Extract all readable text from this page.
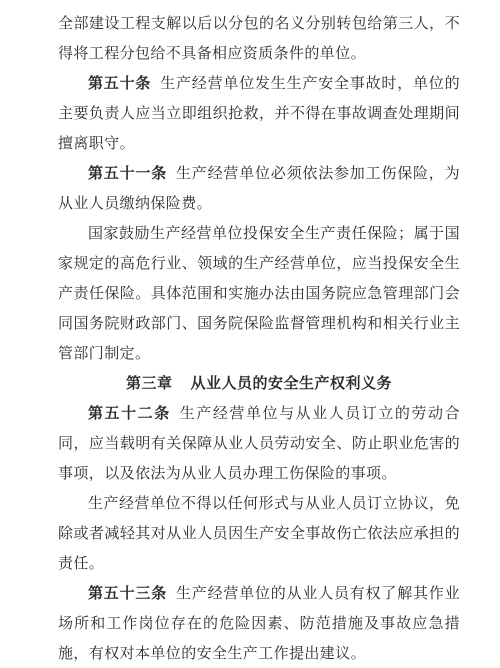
全部建设工程支解以后以分包的名义分别转包给第三人，不得将工程分包给不具备相应资质条件的单位。

第五十条 生产经营单位发生生产安全事故时，单位的主要负责人应当立即组织抢救，并不得在事故调查处理期间擅离职守。

第五十一条 生产经营单位必须依法参加工伤保险，为从业人员缴纳保险费。

国家鼓励生产经营单位投保安全生产责任保险；属于国家规定的高危行业、领域的生产经营单位，应当投保安全生产责任保险。具体范围和实施办法由国务院应急管理部门会同国务院财政部门、国务院保险监督管理机构和相关行业主管部门制定。

第三章 从业人员的安全生产权利义务

第五十二条 生产经营单位与从业人员订立的劳动合同，应当载明有关保障从业人员劳动安全、防止职业危害的事项，以及依法为从业人员办理工伤保险的事项。

生产经营单位不得以任何形式与从业人员订立协议，免除或者减轻其对从业人员因生产安全事故伤亡依法应承担的责任。

第五十三条 生产经营单位的从业人员有权了解其作业场所和工作岗位存在的危险因素、防范措施及事故应急措施，有权对本单位的安全生产工作提出建议。
